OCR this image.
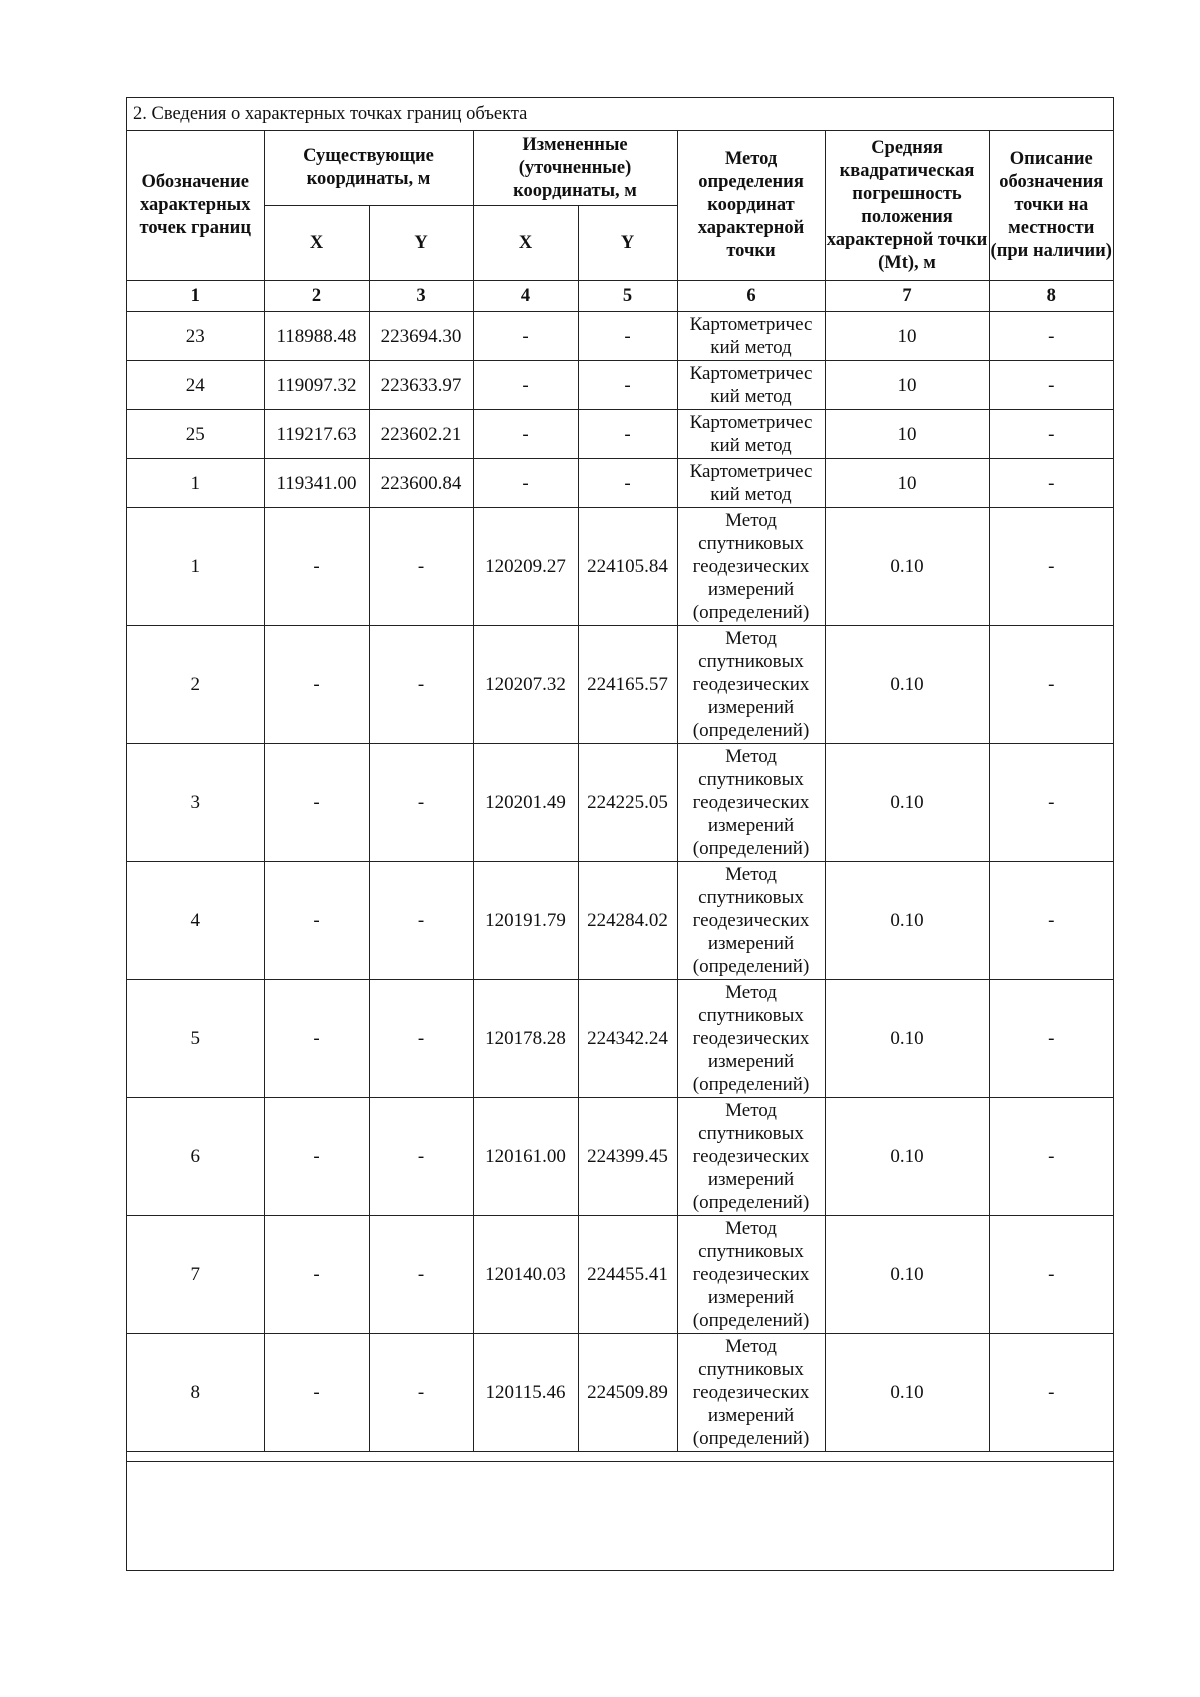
2. Сведения о характерных точках границ объекта
Обозначение характерных точек границ	Существующие координаты, м		Измененные (уточненные) координаты, м		Метод определения координат характерной точки	Средняя квадратическая погрешность положения характерной точки (Mt), м	Описание обозначения точки на местности (при наличии)
	X	Y	X	Y			
1	2	3	4	5	6	7	8
23	118988.48	223694.30	-	-	Картометричес кий метод	10	-
24	119097.32	223633.97	-	-	Картометричес кий метод	10	-
25	119217.63	223602.21	-	-	Картометричес кий метод	10	-
1	119341.00	223600.84	-	-	Картометричес кий метод	10	-
1	-	-	120209.27	224105.84	Метод спутниковых геодезических измерений (определений)	0.10	-
2	-	-	120207.32	224165.57	Метод спутниковых геодезических измерений (определений)	0.10	-
3	-	-	120201.49	224225.05	Метод спутниковых геодезических измерений (определений)	0.10	-
4	-	-	120191.79	224284.02	Метод спутниковых геодезических измерений (определений)	0.10	-
5	-	-	120178.28	224342.24	Метод спутниковых геодезических измерений (определений)	0.10	-
6	-	-	120161.00	224399.45	Метод спутниковых геодезических измерений (определений)	0.10	-
7	-	-	120140.03	224455.41	Метод спутниковых геодезических измерений (определений)	0.10	-
8	-	-	120115.46	224509.89	Метод спутниковых геодезических измерений (определений)	0.10	-
